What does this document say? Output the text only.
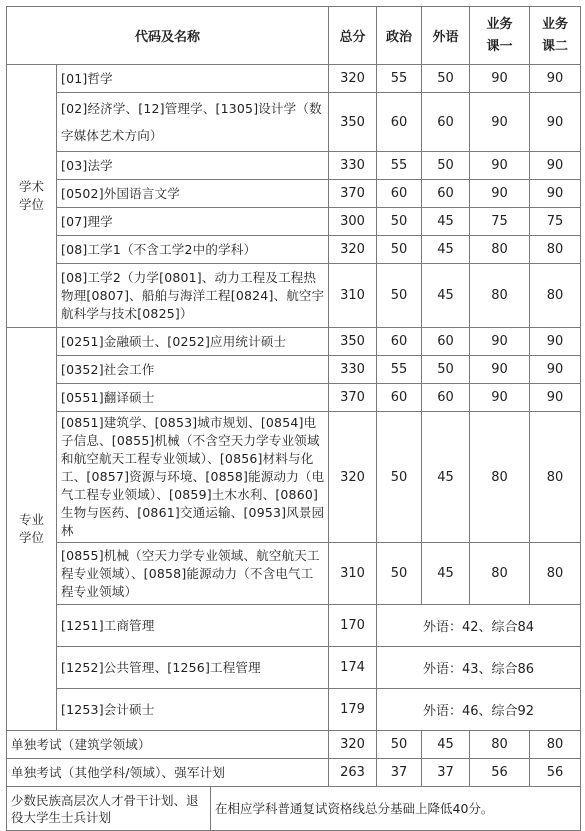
代码及名称		总分	政治	外语	业务课一	业务课二

学术学位	[01]哲学	320	55	50	90	90
	[02]经济学、[12]管理学、[1305]设计学（数字媒体艺术方向）	350	60	60	90	90
	[03]法学	330	55	50	90	90
	[0502]外国语言文学	370	60	60	90	90
	[07]理学	300	50	45	75	75
	[08]工学1（不含工学2中的学科）	320	50	45	80	80
	[08]工学2（力学[0801]、动力工程及工程热物理[0807]、船舶与海洋工程[0824]、航空宇航科学与技术[0825]）	310	50	45	80	80

专业学位	[0251]金融硕士、[0252]应用统计硕士	350	60	60	90	90
	[0352]社会工作	330	55	50	90	90
	[0551]翻译硕士	370	60	60	90	90
	[0851]建筑学、[0853]城市规划、[0854]电子信息、[0855]机械（不含空天力学专业领域和航空航天工程专业领域）、[0856]材料与化工、[0857]资源与环境、[0858]能源动力（电气工程专业领域）、[0859]土木水利、[0860]生物与医药、[0861]交通运输、[0953]风景园林	320	50	45	80	80
	[0855]机械（空天力学专业领域、航空航天工程专业领域）、[0858]能源动力（不含电气工程专业领域）	310	50	45	80	80
	[1251]工商管理	170	外语：42、综合84			
	[1252]公共管理、[1256]工程管理	174	外语：43、综合86			
	[1253]会计硕士	179	外语：46、综合92			
单独考试（建筑学领域）		320	50	45	80	80
单独考试（其他学科/领域）、强军计划		263	37	37	56	56
少数民族高层次人才骨干计划、退役大学生士兵计划	在相应学科普通复试资格线总分基础上降低40分。
